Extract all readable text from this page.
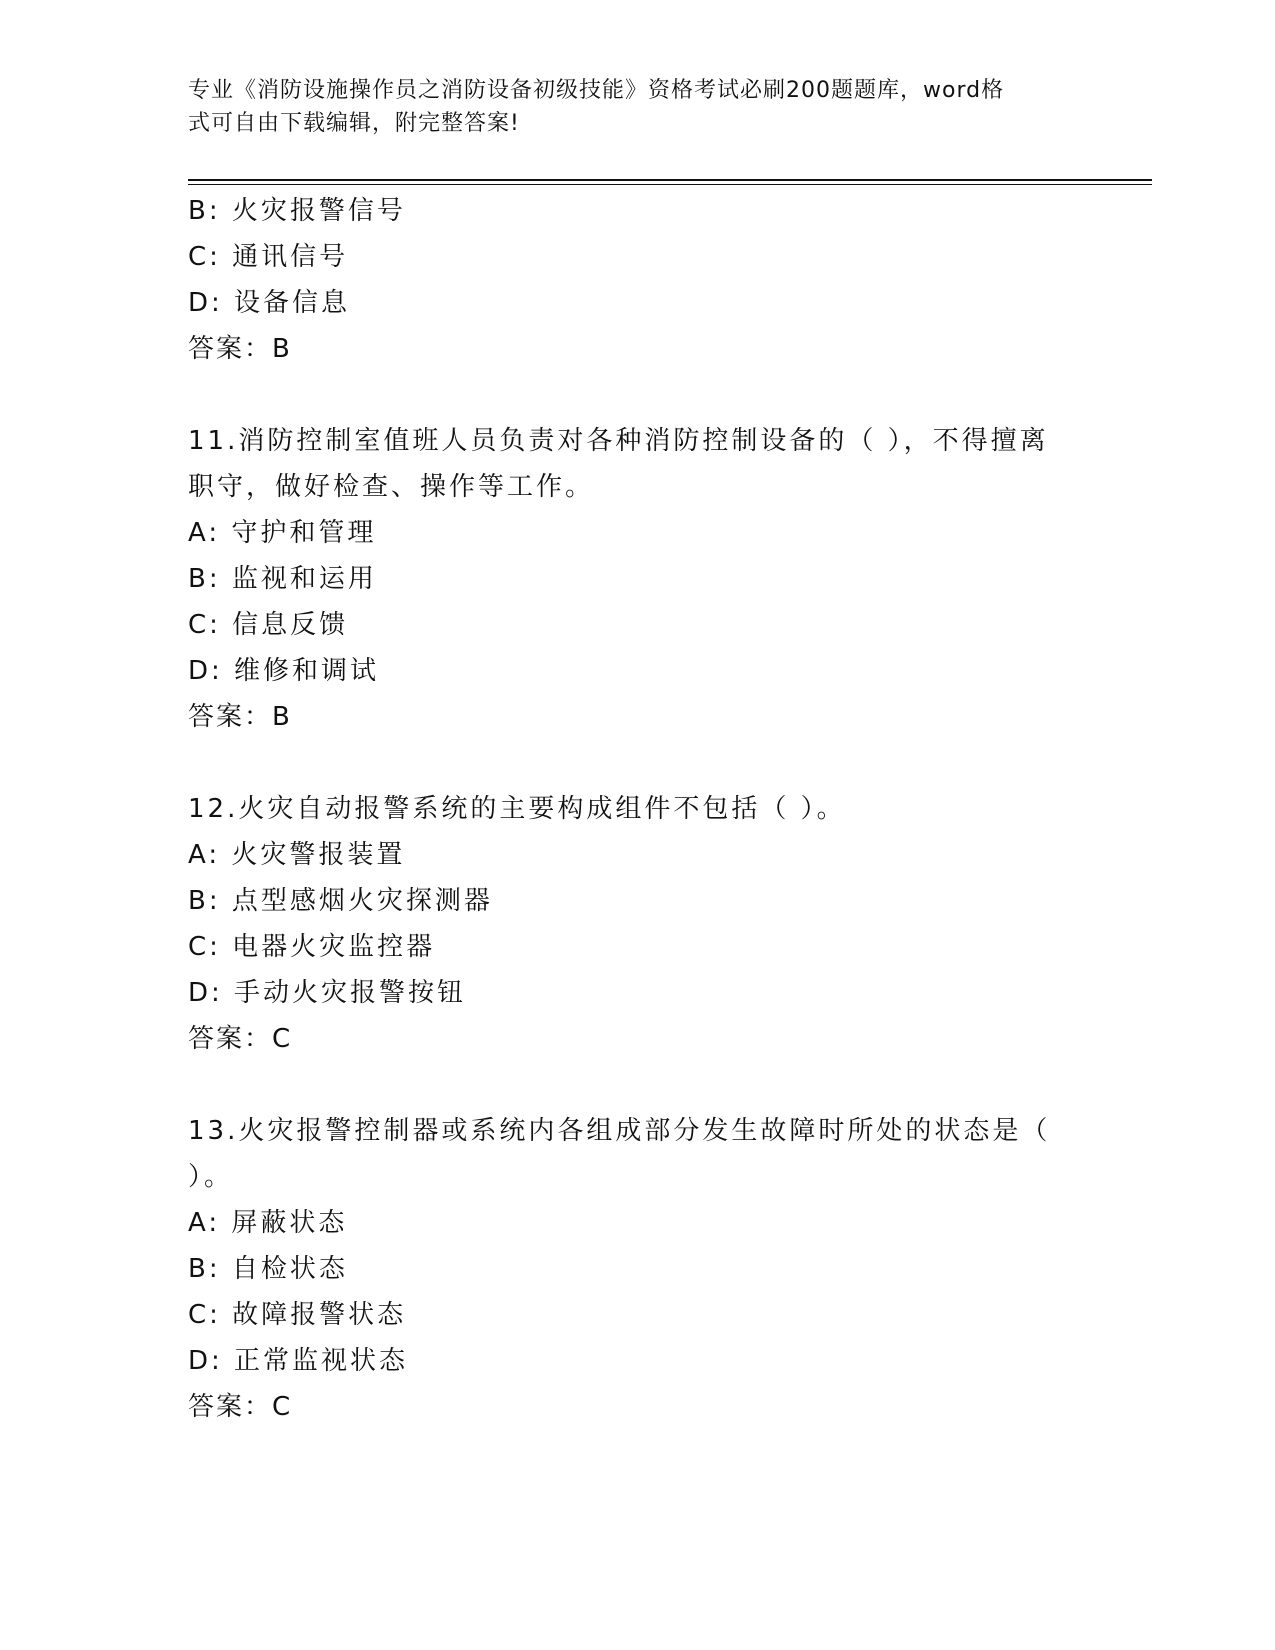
专业《消防设施操作员之消防设备初级技能》资格考试必刷200题题库，word格
式可自由下载编辑，附完整答案!
B: 火灾报警信号
C: 通讯信号
D: 设备信息
答案：B
11.消防控制室值班人员负责对各种消防控制设备的（ ），不得擅离
职守，做好检查、操作等工作。
A: 守护和管理
B: 监视和运用
C: 信息反馈
D: 维修和调试
答案：B
12.火灾自动报警系统的主要构成组件不包括（ ）。
A: 火灾警报装置
B: 点型感烟火灾探测器
C: 电器火灾监控器
D: 手动火灾报警按钮
答案：C
13.火灾报警控制器或系统内各组成部分发生故障时所处的状态是（
）。
A: 屏蔽状态
B: 自检状态
C: 故障报警状态
D: 正常监视状态
答案：C
